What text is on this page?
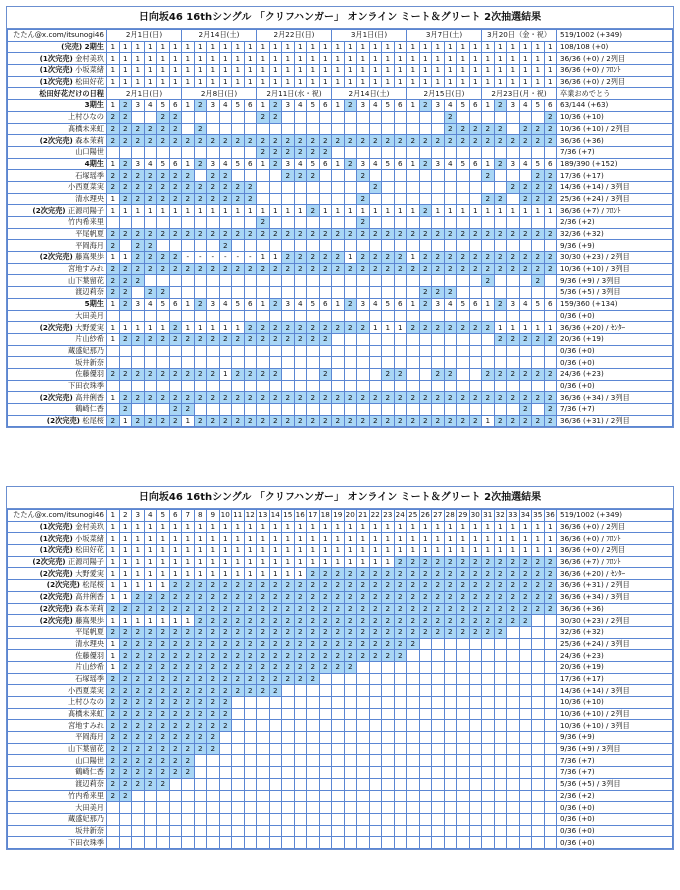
日向坂46 16thシングル 「クリフハンガー」 オンライン ミート＆グリート 2次抽選結果
たたん@x.com/itsunogi46	2月1日(日)						2月14日(土)						2月22日(日)						3月1日(日)						3月7日(土)						3月20日（金・祝）						519/1002 (+349)
(完売) 2期生	1	1	1	1	1	1	1	1	1	1	1	1	1	1	1	1	1	1	1	1	1	1	1	1	1	1	1	1	1	1	1	1	1	1	1	1	108/108 (+0)
(1次完売) 金村美玖	1	1	1	1	1	1	1	1	1	1	1	1	1	1	1	1	1	1	1	1	1	1	1	1	1	1	1	1	1	1	1	1	1	1	1	1	36/36 (+0) / 2列目
(1次完売) 小坂菜緒	1	1	1	1	1	1	1	1	1	1	1	1	1	1	1	1	1	1	1	1	1	1	1	1	1	1	1	1	1	1	1	1	1	1	1	1	36/36 (+0) / ﾌﾛﾝﾄ
(1次完売) 松田好花	1	1	1	1	1	1	1	1	1	1	1	1	1	1	1	1	1	1	1	1	1	1	1	1	1	1	1	1	1	1	1	1	1	1	1	1	36/36 (+0) / 2列目
松田好花だけの日程	2月1日(日)						2月8日(日)						2月11日(水・祝)						2月14日(土)						2月15日(日)						2月23日(月・祝)						卒業おめでとう
3期生	1	2	3	4	5	6	1	2	3	4	5	6	1	2	3	4	5	6	1	2	3	4	5	6	1	2	3	4	5	6	1	2	3	4	5	6	63/144 (+63)
上村ひなの	2	2			2	2							2	2														2								2	10/36 (+10)
髙橋未来虹	2	2	2	2	2	2		2																				2	2	2	2	2		2	2	2	10/36 (+10) / 2列目
(2次完売) 森本茉莉	2	2	2	2	2	2	2	2	2	2	2	2	2	2	2	2	2	2	2	2	2	2	2	2	2	2	2	2	2	2	2	2	2	2	2	2	36/36 (+36)
山口陽世													2	2	2	2	2	2																			7/36 (+7)
4期生	1	2	3	4	5	6	1	2	3	4	5	6	1	2	3	4	5	6	1	2	3	4	5	6	1	2	3	4	5	6	1	2	3	4	5	6	189/390 (+152)
石塚瑶季	2	2	2	2	2	2	2		2	2					2	2	2				2										2				2	2	17/36 (+17)
小西夏菜実	2	2	2	2	2	2	2	2	2	2	2	2										2											2	2	2	2	14/36 (+14) / 3列目
清水理央	1	2	2	2	2	2	2	2	2	2	2	2									2										2	2		2	2	2	25/36 (+24) / 3列目
(2次完売) 正源司陽子	1	1	1	1	1	1	1	1	1	1	1	1	1	1	1	1	2	1	1	1	1	1	1	1	1	2	1	1	1	1	1	1	1	1	1	1	36/36 (+7) / ﾌﾛﾝﾄ
竹内希来里													2								2																2/36 (+2)
平尾帆夏	2	2	2	2	2	2	2	2	2	2	2	2	2	2	2	2	2	2	2	2	2	2	2	2	2	2	2	2	2	2	2	2	2	2	2	2	32/36 (+32)
平岡海月	2		2	2						2																											9/36 (+9)
(2次完売) 藤嶌果歩	1	1	2	2	2	2	-	-	-	-	-	-	1	1	2	2	2	2	2	1	2	2	2	2	1	2	2	2	2	2	2	2	2	2	2	2	30/30 (+23) / 2列目
宮地すみれ	2	2	2	2	2	2	2	2	2	2	2	2	2	2	2	2	2	2	2	2	2	2	2	2	2	2	2	2	2	2	2	2	2	2	2	2	10/36 (+10) / 3列目
山下葉留花	2	2	2																												2				2		9/36 (+9) / 3列目
渡辺莉奈	2	2		2	2																					2	2	2									5/36 (+5) / 3列目
5期生	1	2	3	4	5	6	1	2	3	4	5	6	1	2	3	4	5	6	1	2	3	4	5	6	1	2	3	4	5	6	1	2	3	4	5	6	159/360 (+134)
大田美月																																					0/36 (+0)
(2次完売) 大野愛実	1	1	1	1	1	2	1	1	1	1	1	2	2	2	2	2	2	2	2	2	2	1	1	1	2	2	2	2	2	2	2	1	1	1	1	1	36/36 (+20) / ｾﾝﾀｰ
片山紗希	1	2	2	2	2	2	2	2	2	2	2	2	2	2	2	2	2	2														2	2	2	2	2	20/36 (+19)
蔵盛妃那乃																																					0/36 (+0)
坂井新奈																																					0/36 (+0)
佐藤優羽	2	2	2	2	2	2	2	2	2	1	2	2	2	2				2					2	2			2	2			2	2	2	2	2	2	24/36 (+23)
下田衣珠季																																					0/36 (+0)
(2次完売) 高井俐香	1	2	2	2	2	2	2	2	2	2	2	2	2	2	2	2	2	2	2	2	2	2	2	2	2	2	2	2	2	2	2	2	2	2	2	2	36/36 (+34) / 3列目
鶴崎仁香		2				2	2																											2		2	7/36 (+7)
(2次完売) 松尾桜	2	1	2	2	2	2	1	2	2	2	2	2	2	2	2	2	2	2	2	2	2	2	2	2	2	2	2	2	2	2	1	2	2	2	2	2	36/36 (+31) / 2列目
日向坂46 16thシングル 「クリフハンガー」 オンライン ミート＆グリート 2次抽選結果
たたん@x.com/itsunogi46	1	2	3	4	5	6	7	8	9	10	11	12	13	14	15	16	17	18	19	20	21	22	23	24	25	26	27	28	29	30	31	32	33	34	35	36	519/1002 (+349)
(1次完売) 金村美玖	1	1	1	1	1	1	1	1	1	1	1	1	1	1	1	1	1	1	1	1	1	1	1	1	1	1	1	1	1	1	1	1	1	1	1	1	36/36 (+0) / 2列目
(1次完売) 小坂菜緒	1	1	1	1	1	1	1	1	1	1	1	1	1	1	1	1	1	1	1	1	1	1	1	1	1	1	1	1	1	1	1	1	1	1	1	1	36/36 (+0) / ﾌﾛﾝﾄ
(1次完売) 松田好花	1	1	1	1	1	1	1	1	1	1	1	1	1	1	1	1	1	1	1	1	1	1	1	1	1	1	1	1	1	1	1	1	1	1	1	1	36/36 (+0) / 2列目
(2次完売) 正源司陽子	1	1	1	1	1	1	1	1	1	1	1	1	1	1	1	1	1	1	1	1	1	1	1	2	2	2	2	2	2	2	2	2	2	2	2	2	36/36 (+7) / ﾌﾛﾝﾄ
(2次完売) 大野愛実	1	1	1	1	1	1	1	1	1	1	1	1	1	1	1	1	2	2	2	2	2	2	2	2	2	2	2	2	2	2	2	2	2	2	2	2	36/36 (+20) / ｾﾝﾀｰ
(2次完売) 松尾桜	1	1	1	1	1	2	2	2	2	2	2	2	2	2	2	2	2	2	2	2	2	2	2	2	2	2	2	2	2	2	2	2	2	2	2	2	36/36 (+31) / 2列目
(2次完売) 高井俐香	1	1	2	2	2	2	2	2	2	2	2	2	2	2	2	2	2	2	2	2	2	2	2	2	2	2	2	2	2	2	2	2	2	2	2	2	36/36 (+34) / 3列目
(2次完売) 森本茉莉	2	2	2	2	2	2	2	2	2	2	2	2	2	2	2	2	2	2	2	2	2	2	2	2	2	2	2	2	2	2	2	2	2	2	2	2	36/36 (+36)
(2次完売) 藤嶌果歩	1	1	1	1	1	1	1	2	2	2	2	2	2	2	2	2	2	2	2	2	2	2	2	2	2	2	2	2	2	2	2	2	2	2			30/30 (+23) / 2列目
平尾帆夏	2	2	2	2	2	2	2	2	2	2	2	2	2	2	2	2	2	2	2	2	2	2	2	2	2	2	2	2	2	2	2	2					32/36 (+32)
清水理央	1	2	2	2	2	2	2	2	2	2	2	2	2	2	2	2	2	2	2	2	2	2	2	2	2												25/36 (+24) / 3列目
佐藤優羽	1	2	2	2	2	2	2	2	2	2	2	2	2	2	2	2	2	2	2	2	2	2	2	2													24/36 (+23)
片山紗希	1	2	2	2	2	2	2	2	2	2	2	2	2	2	2	2	2	2	2	2																	20/36 (+19)
石塚瑶季	2	2	2	2	2	2	2	2	2	2	2	2	2	2	2	2	2																				17/36 (+17)
小西夏菜実	2	2	2	2	2	2	2	2	2	2	2	2	2	2																							14/36 (+14) / 3列目
上村ひなの	2	2	2	2	2	2	2	2	2	2																											10/36 (+10)
髙橋未来虹	2	2	2	2	2	2	2	2	2	2																											10/36 (+10) / 2列目
宮地すみれ	2	2	2	2	2	2	2	2	2	2																											10/36 (+10) / 3列目
平岡海月	2	2	2	2	2	2	2	2	2																												9/36 (+9)
山下葉留花	2	2	2	2	2	2	2	2	2																												9/36 (+9) / 3列目
山口陽世	2	2	2	2	2	2	2																														7/36 (+7)
鶴崎仁香	2	2	2	2	2	2	2																														7/36 (+7)
渡辺莉奈	2	2	2	2	2																																5/36 (+5) / 3列目
竹内希来里	2	2																																			2/36 (+2)
大田美月																																					0/36 (+0)
蔵盛妃那乃																																					0/36 (+0)
坂井新奈																																					0/36 (+0)
下田衣珠季																																					0/36 (+0)
